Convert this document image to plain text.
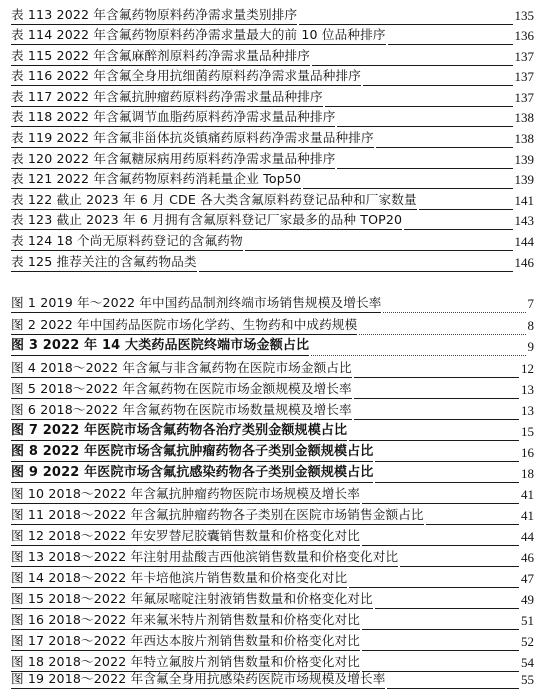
表 113 2022 年含氟药物原料药净需求量类别排序	135
表 114 2022 年含氟药物原料药净需求量最大的前 10 位品种排序	136
表 115 2022 年含氟麻醉剂原料药净需求量品种排序	137
表 116 2022 年含氟全身用抗细菌药原料药净需求量品种排序	137
表 117 2022 年含氟抗肿瘤药原料药净需求量品种排序	137
表 118 2022 年含氟调节血脂药原料药净需求量品种排序	138
表 119 2022 年含氟非甾体抗炎镇痛药原料药净需求量品种排序	138
表 120 2022 年含氟糖尿病用药原料药净需求量品种排序	139
表 121 2022 年含氟药物原料药消耗量企业 Top50	139
表 122 截止 2023 年 6 月 CDE 各大类含氟原料药登记品种和厂家数量	141
表 123 截止 2023 年 6 月拥有含氟原料登记厂家最多的品种 TOP20	143
表 124 18 个尚无原料药登记的含氟药物	144
表 125 推荐关注的含氟药物品类	146
图 1 2019 年～2022 年中国药品制剂终端市场销售规模及增长率	7
图 2 2022 年中国药品医院市场化学药、生物药和中成药规模	8
图 3 2022 年 14 大类药品医院终端市场金额占比	9
图 4 2018～2022 年含氟与非含氟药物在医院市场金额占比	12
图 5 2018～2022 年含氟药物在医院市场金额规模及增长率	13
图 6 2018～2022 年含氟药物在医院市场数量规模及增长率	13
图 7 2022 年医院市场含氟药物各治疗类别金额规模占比	15
图 8 2022 年医院市场含氟抗肿瘤药物各子类别金额规模占比	16
图 9 2022 年医院市场含氟抗感染药物各子类别金额规模占比	18
图 10 2018～2022 年含氟抗肿瘤药物医院市场规模及增长率	41
图 11 2018～2022 年含氟抗肿瘤药物各子类别在医院市场销售金额占比	41
图 12 2018～2022 年安罗替尼胶囊销售数量和价格变化对比	44
图 13 2018～2022 年注射用盐酸吉西他滨销售数量和价格变化对比	46
图 14 2018～2022 年卡培他滨片销售数量和价格变化对比	47
图 15 2018～2022 年氟尿嘧啶注射液销售数量和价格变化对比	49
图 16 2018～2022 年来氟米特片剂销售数量和价格变化对比	51
图 17 2018～2022 年西达本胺片剂销售数量和价格变化对比	52
图 18 2018～2022 年特立氟胺片剂销售数量和价格变化对比	54
图 19 2018～2022 年含氟全身用抗感染药医院市场规模及增长率	55
